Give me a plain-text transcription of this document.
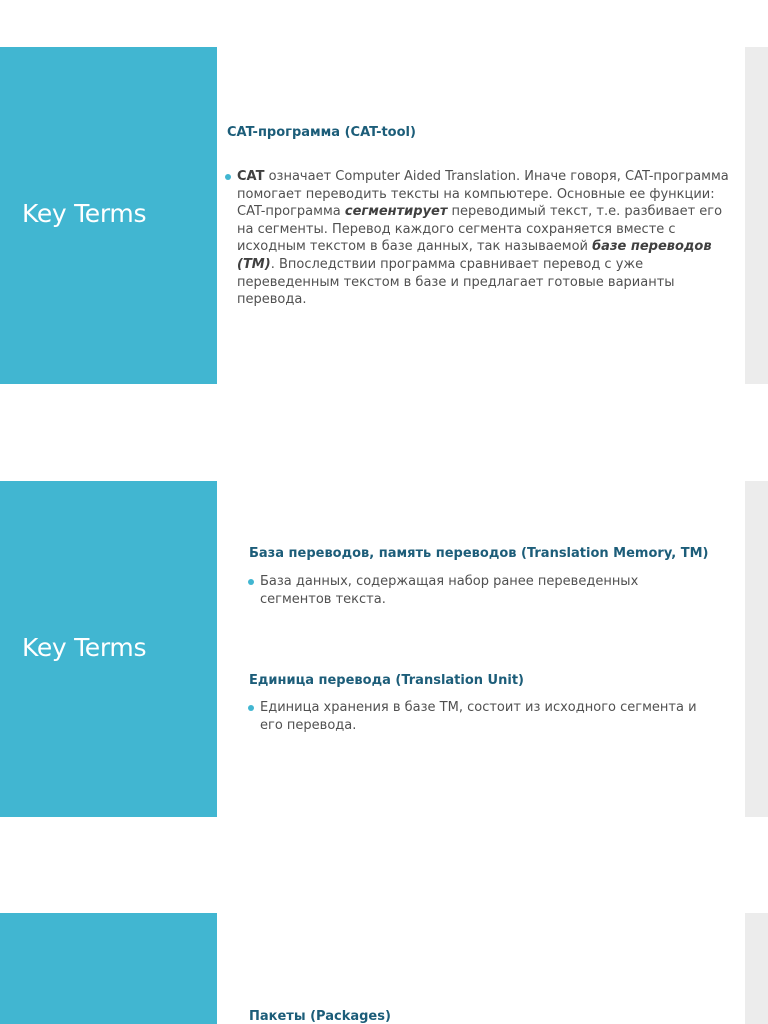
Key Terms
CAT-программа (CAT-tool)
CAT означает Computer Aided Translation. Иначе говоря, CAT-программа помогает переводить тексты на компьютере. Основные ее функции: CAT-программа сегментирует переводимый текст, т.е. разбивает его на сегменты. Перевод каждого сегмента сохраняется вместе с исходным текстом в базе данных, так называемой базе переводов (ТМ). Впоследствии программа сравнивает перевод с уже переведенным текстом в базе и предлагает готовые варианты перевода.
Key Terms
База переводов, память переводов (Translation Memory, TM)
База данных, содержащая набор ранее переведенных сегментов текста.
Единица перевода (Translation Unit)
Единица хранения в базе ТМ, состоит из исходного сегмента и его перевода.
Пакеты (Packages)
